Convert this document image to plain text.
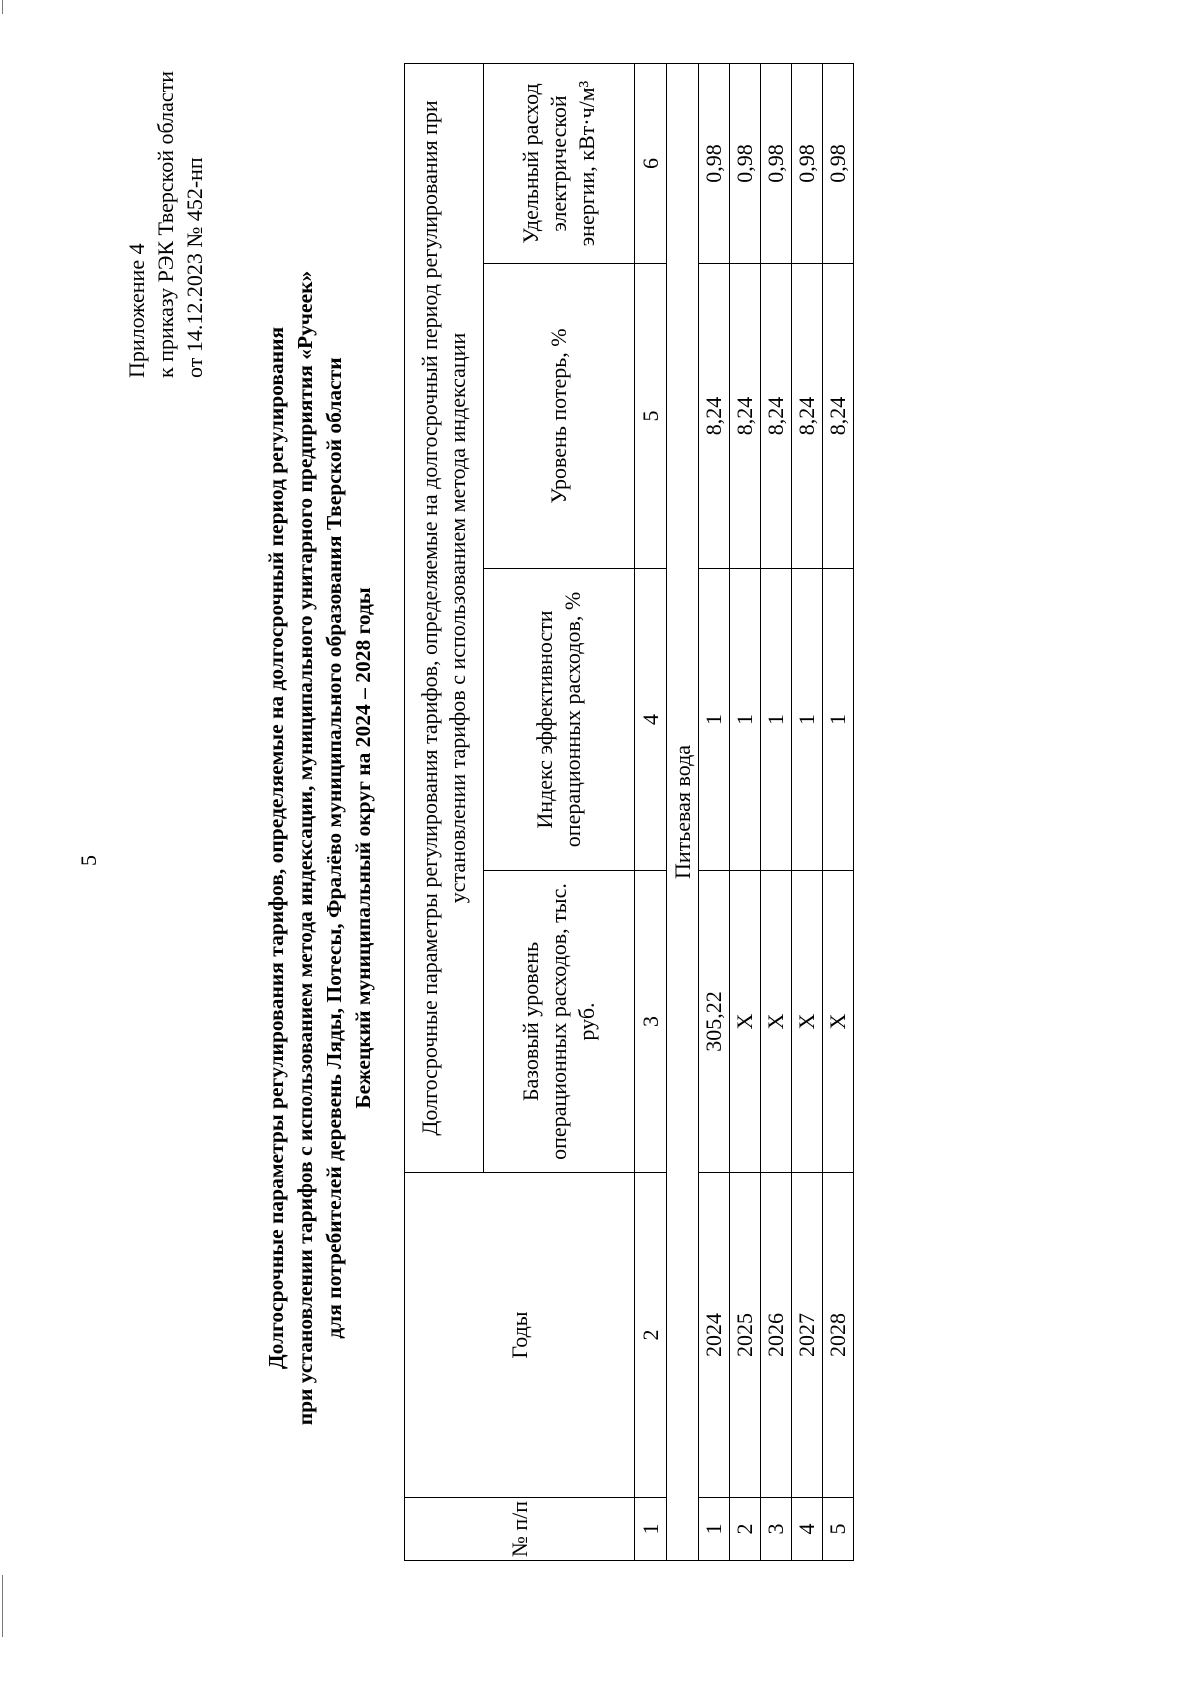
5
Приложение 4 к приказу РЭК Тверской области от 14.12.2023 № 452-нп
Долгосрочные параметры регулирования тарифов, определяемые на долгосрочный период регулирования при установлении тарифов с использованием метода индексации, муниципального унитарного предприятия «Ручеек» для потребителей деревень Ляды, Потесы, Фралёво муниципального образования Тверской области Бежецкий муниципальный округ на 2024 – 2028 годы
№ п/п	Годы	Долгосрочные параметры регулирования тарифов, определяемые на долгосрочный период регулирования при установлении тарифов с использованием метода индексации			
		Базовый уровень операционных расходов, тыс. руб.	Индекс эффективности операционных расходов, %	Уровень потерь, %	Удельный расход электрической энергии, кВт·ч/м³
1	2	3	4	5	6
Питьевая вода					
1	2024	305,22	1	8,24	0,98
2	2025	Х	1	8,24	0,98
3	2026	Х	1	8,24	0,98
4	2027	Х	1	8,24	0,98
5	2028	Х	1	8,24	0,98
